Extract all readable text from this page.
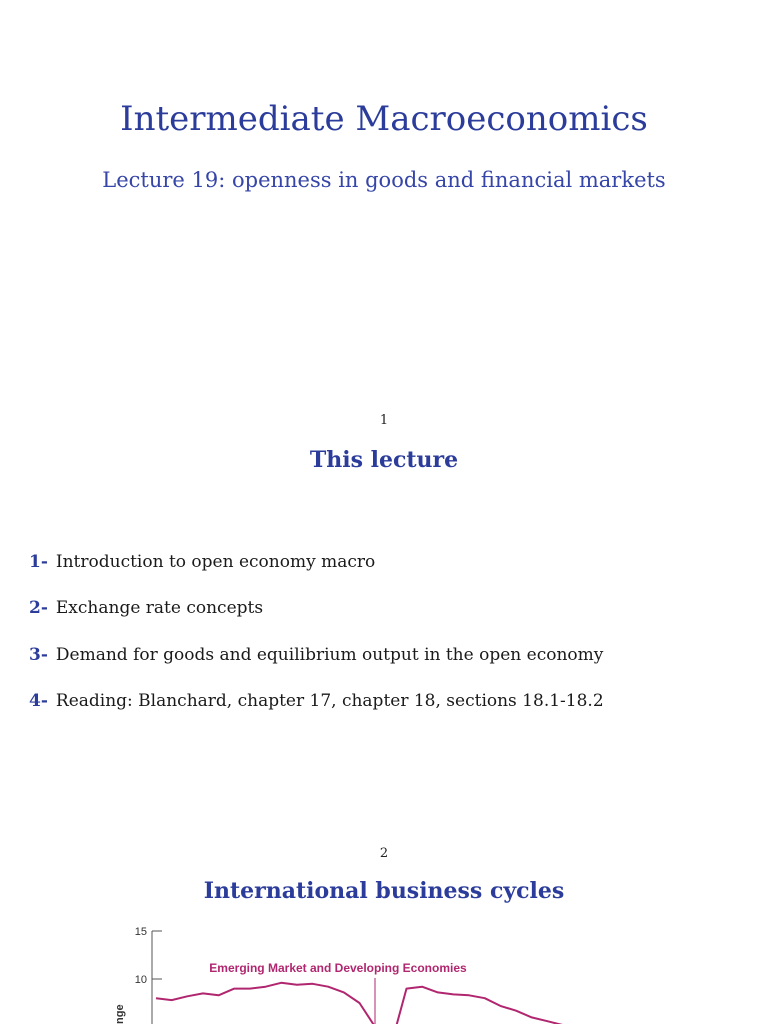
Intermediate Macroeconomics
Lecture 19: openness in goods and financial markets
1
This lecture
1- Introduction to open economy macro
2- Exchange rate concepts
3- Demand for goods and equilibrium output in the open economy
4- Reading: Blanchard, chapter 17, chapter 18, sections 18.1-18.2
2
International business cycles
15
10
nge
Emerging Market and Developing Economies
